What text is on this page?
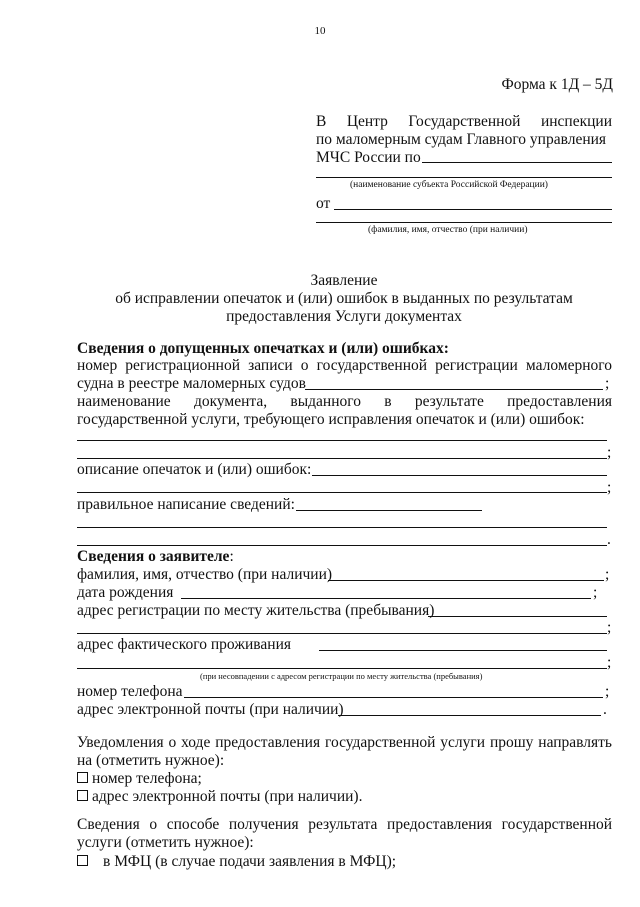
10
Форма к 1Д – 5Д
В Центр Государственной инспекции
по маломерным судам Главного управления
МЧС России по
(наименование субъекта Российской Федерации)
от
(фамилия, имя, отчество (при наличии)
Заявление
об исправлении опечаток и (или) ошибок в выданных по результатам
предоставления Услуги документах
Сведения о допущенных опечатках и (или) ошибках:
номер регистрационной записи о государственной регистрации маломерного
судна в реестре маломерных судов	;
наименование документа, выданного в результате предоставления
государственной услуги, требующего исправления опечаток и (или) ошибок:
;
описание опечаток и (или) ошибок:
;
правильное написание сведений:
.
Сведения о заявителе:
фамилия, имя, отчество (при наличии)	;
дата рождения	;
адрес регистрации по месту жительства (пребывания)
;
адрес фактического проживания
;
(при несовпадении с адресом регистрации по месту жительства (пребывания)
номер телефона	;
адрес электронной почты (при наличии)	.
Уведомления о ходе предоставления государственной услуги прошу направлять
на (отметить нужное):
номер телефона;
адрес электронной почты (при наличии).
Сведения о способе получения результата предоставления государственной
услуги (отметить нужное):
в МФЦ (в случае подачи заявления в МФЦ);
